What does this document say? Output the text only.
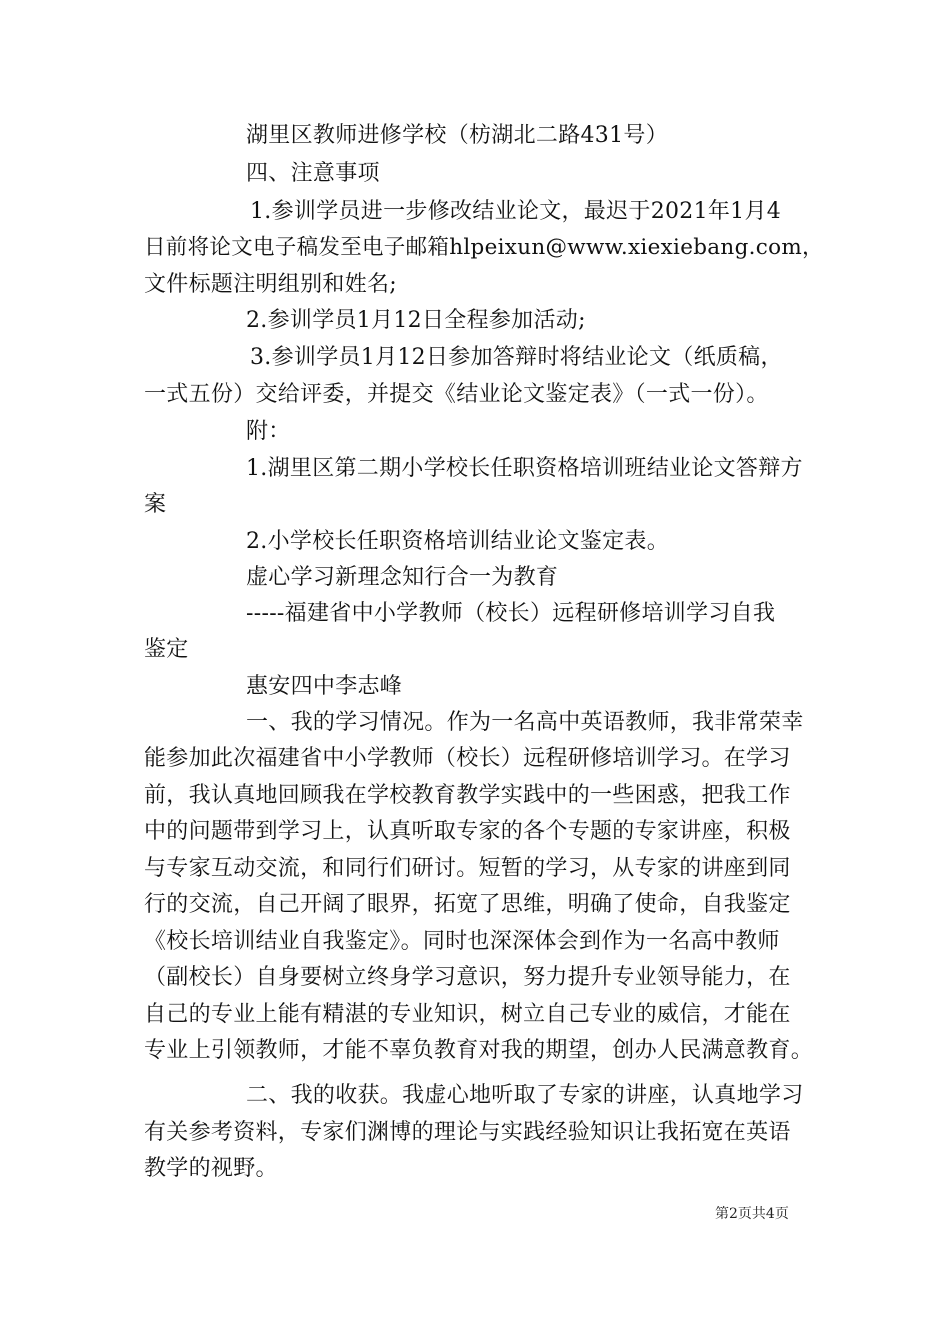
湖里区教师进修学校（枋湖北二路431号）
四、注意事项
1.参训学员进一步修改结业论文，最迟于2021年1月4
日前将论文电子稿发至电子邮箱hlpeixun@www.xiexiebang.com，
文件标题注明组别和姓名;
2.参训学员1月12日全程参加活动;
3.参训学员1月12日参加答辩时将结业论文（纸质稿，
一式五份）交给评委，并提交《结业论文鉴定表》（一式一份）。
附：
1.湖里区第二期小学校长任职资格培训班结业论文答辩方
案
2.小学校长任职资格培训结业论文鉴定表。
虚心学习新理念知行合一为教育
-----福建省中小学教师（校长）远程研修培训学习自我
鉴定
惠安四中李志峰
一、我的学习情况。作为一名高中英语教师，我非常荣幸
能参加此次福建省中小学教师（校长）远程研修培训学习。在学习
前，我认真地回顾我在学校教育教学实践中的一些困惑，把我工作
中的问题带到学习上，认真听取专家的各个专题的专家讲座，积极
与专家互动交流，和同行们研讨。短暂的学习，从专家的讲座到同
行的交流，自己开阔了眼界，拓宽了思维，明确了使命，自我鉴定
《校长培训结业自我鉴定》。同时也深深体会到作为一名高中教师
（副校长）自身要树立终身学习意识，努力提升专业领导能力，在
自己的专业上能有精湛的专业知识，树立自己专业的威信，才能在
专业上引领教师，才能不辜负教育对我的期望，创办人民满意教育。
二、我的收获。我虚心地听取了专家的讲座，认真地学习
有关参考资料，专家们渊博的理论与实践经验知识让我拓宽在英语
教学的视野。
第2页共4页
